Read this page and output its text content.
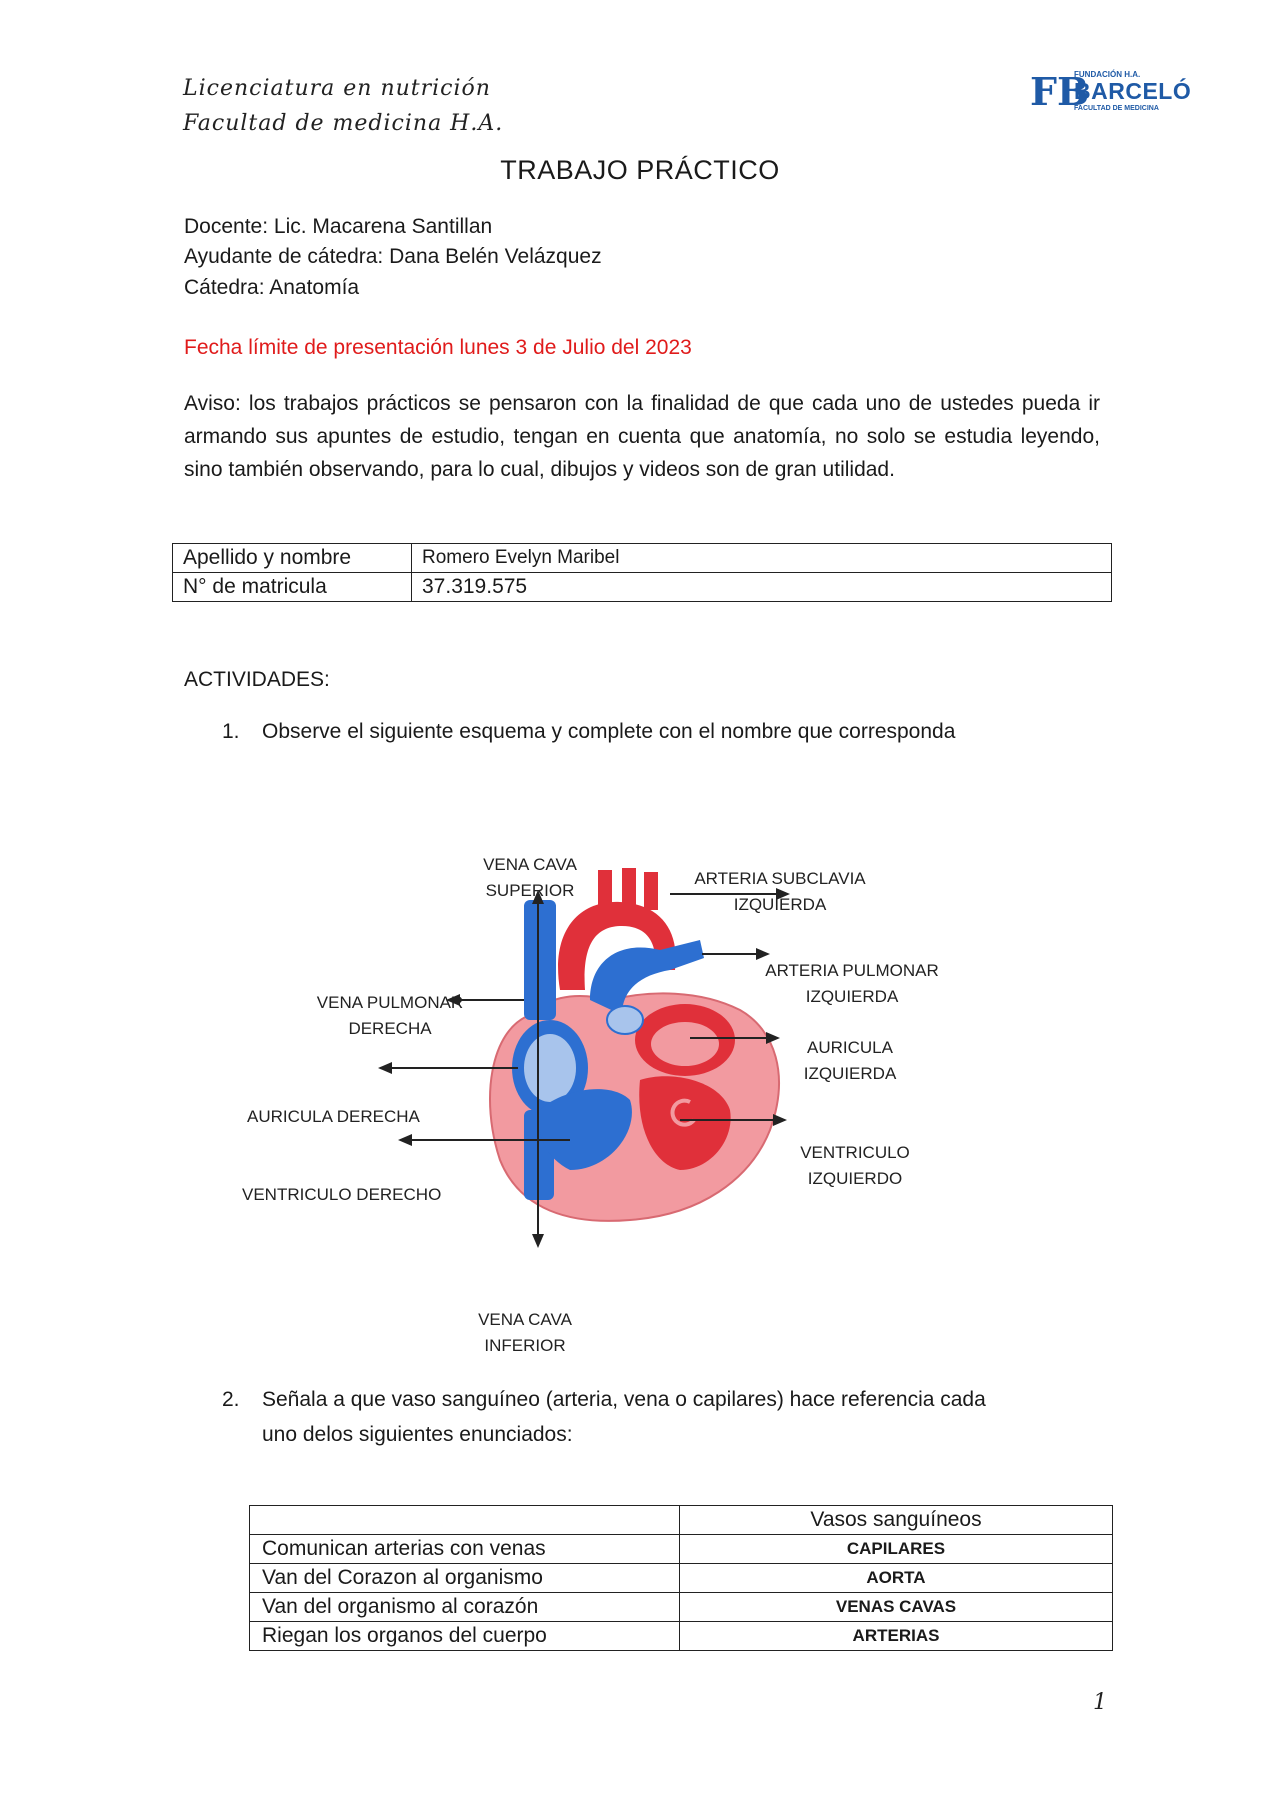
Licenciatura en nutrición
Facultad de medicina H.A.
FB
FUNDACIÓN H.A.
BARCELÓ
FACULTAD DE MEDICINA
TRABAJO PRÁCTICO
Docente: Lic. Macarena Santillan
Ayudante de cátedra: Dana Belén Velázquez
Cátedra: Anatomía
Fecha límite de presentación lunes 3 de Julio del 2023
Aviso: los trabajos prácticos se pensaron con la finalidad de que cada uno de ustedes pueda ir armando sus apuntes de estudio, tengan en cuenta que anatomía, no solo se estudia leyendo, sino también observando, para lo cual, dibujos y videos son de gran utilidad.
Apellido y nombre	Romero Evelyn Maribel
N° de matricula	37.319.575
ACTIVIDADES:
1. Observe el siguiente esquema y complete con el nombre que corresponda
VENA CAVA
SUPERIOR
ARTERIA SUBCLAVIA
IZQUIERDA
ARTERIA PULMONAR
IZQUIERDA
VENA PULMONAR
DERECHA
AURICULA
IZQUIERDA
AURICULA DERECHA
VENTRICULO
IZQUIERDO
VENTRICULO DERECHO
VENA CAVA
INFERIOR
2. Señala a que vaso sanguíneo (arteria, vena o capilares) hace referencia cada
uno delos siguientes enunciados:
	Vasos sanguíneos
Comunican arterias con venas	CAPILARES
Van del Corazon al organismo	AORTA
Van del organismo al corazón	VENAS CAVAS
Riegan los organos del cuerpo	ARTERIAS
1
